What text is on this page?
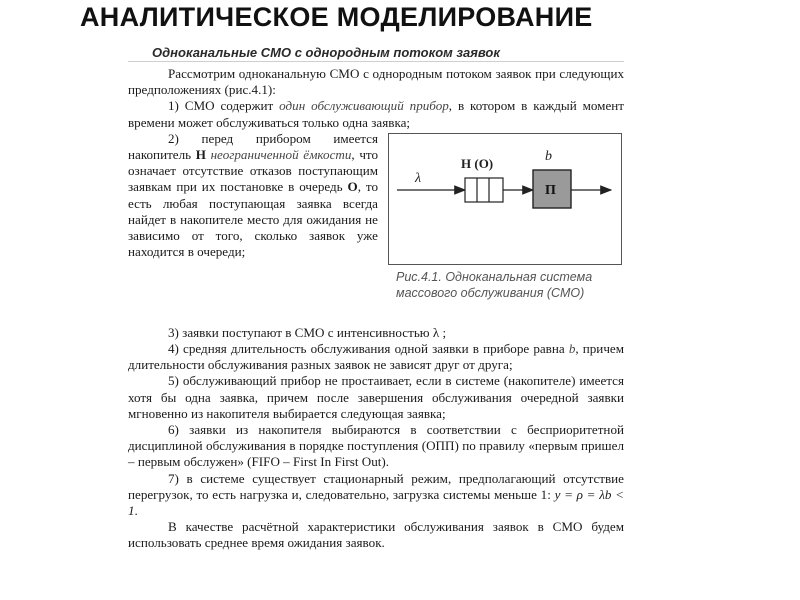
АНАЛИТИЧЕСКОЕ МОДЕЛИРОВАНИЕ
Одноканальные СМО с однородным потоком заявок

Рассмотрим одноканальную СМО с однородным потоком заявок при следующих предположениях (рис.4.1):

1) СМО содержит один обслуживающий прибор, в котором в каждый момент времени может обслуживаться только одна заявка;

2) перед прибором имеется накопитель Н неограниченной ёмкости, что означает отсутствие отказов поступающим заявкам при их постановке в очередь О, то есть любая поступающая заявка всегда найдет в накопителе место для ожидания не зависимо от того, сколько заявок уже находится в очереди;

λ
Н (О)
П
b
Рис.4.1. Одноканальная система массового обслуживания (СМО)

3) заявки поступают в СМО с интенсивностью λ ;

4) средняя длительность обслуживания одной заявки в приборе равна b, причем длительности обслуживания разных заявок не зависят друг от друга;

5) обслуживающий прибор не простаивает, если в системе (накопителе) имеется хотя бы одна заявка, причем после завершения обслуживания очередной заявки мгновенно из накопителя выбирается следующая заявка;

6) заявки из накопителя выбираются в соответствии с бесприоритетной дисциплиной обслуживания в порядке поступления (ОПП) по правилу «первым пришел – первым обслужен» (FIFO – First In First Out).

7) в системе существует стационарный режим, предполагающий отсутствие перегрузок, то есть нагрузка и, следовательно, загрузка системы меньше 1: y = ρ = λb < 1.

В качестве расчётной характеристики обслуживания заявок в СМО будем использовать среднее время ожидания заявок.
